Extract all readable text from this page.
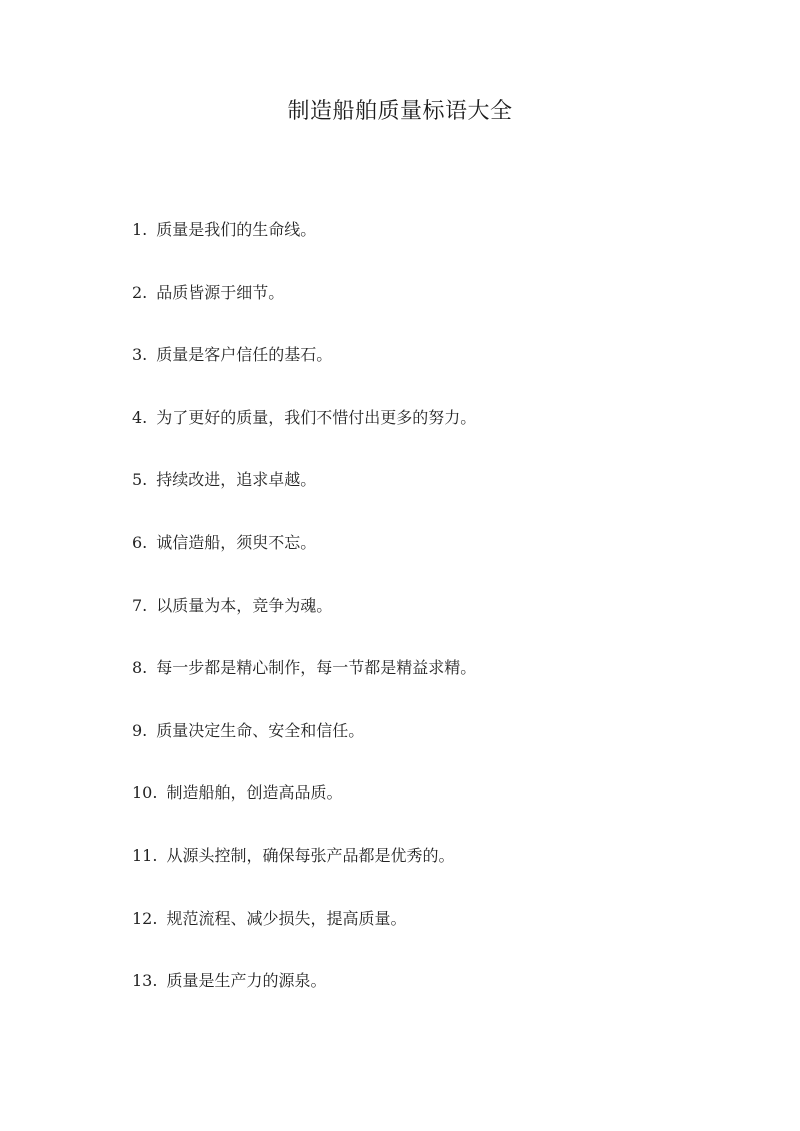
制造船舶质量标语大全
1. 质量是我们的生命线。
2. 品质皆源于细节。
3. 质量是客户信任的基石。
4. 为了更好的质量，我们不惜付出更多的努力。
5. 持续改进，追求卓越。
6. 诚信造船，须臾不忘。
7. 以质量为本，竞争为魂。
8. 每一步都是精心制作，每一节都是精益求精。
9. 质量决定生命、安全和信任。
10. 制造船舶，创造高品质。
11. 从源头控制，确保每张产品都是优秀的。
12. 规范流程、减少损失，提高质量。
13. 质量是生产力的源泉。
